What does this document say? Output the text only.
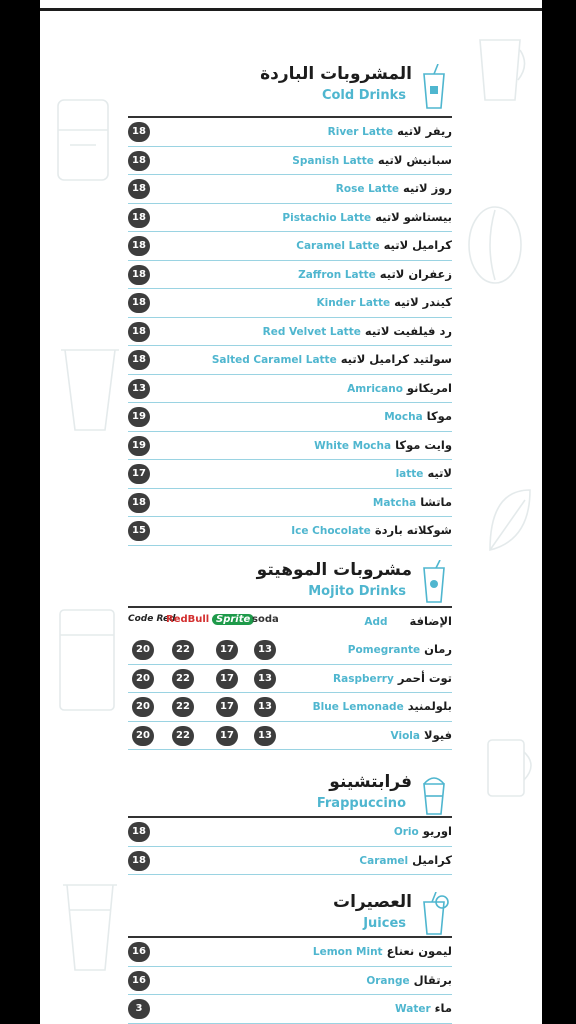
المشروبات الباردة
Cold Drinks
18	River Latte ريفر لاتيه
18	Spanish Latte سبانيش لاتيه
18	Rose Latte روز لاتيه
18	Pistachio Latte بيستاشو لاتيه
18	Caramel Latte كراميل لاتيه
18	Zaffron Latte زعفران لاتيه
18	Kinder Latte كيندر لاتيه
18	Red Velvet Latte رد فيلفيت لاتيه
18	Salted Caramel Latte سولتيد كراميل لاتيه
13	Amricano امريكانو
19	Mocha موكا
19	White Mocha وايت موكا
17	latte لاتيه
18	Matcha ماتشا
15	Ice Chocolate شوكلاته باردة
مشروبات الموهيتو
Mojito Drinks
Code Red
RedBull Sprite soda	Add الإضافة
20	22	17	13	Pomegrante رمان
20	22	17	13	Raspberry توت أحمر
20	22	17	13	Blue Lemonade بلولمنيد
20	22	17	13	Viola فيولا
فرابتشينو
Frappuccino
18	Orio اوريو
18	Caramel كراميل
العصيرات
Juices
16	Lemon Mint ليمون نعناع
16	Orange برتقال
3	Water ماء
